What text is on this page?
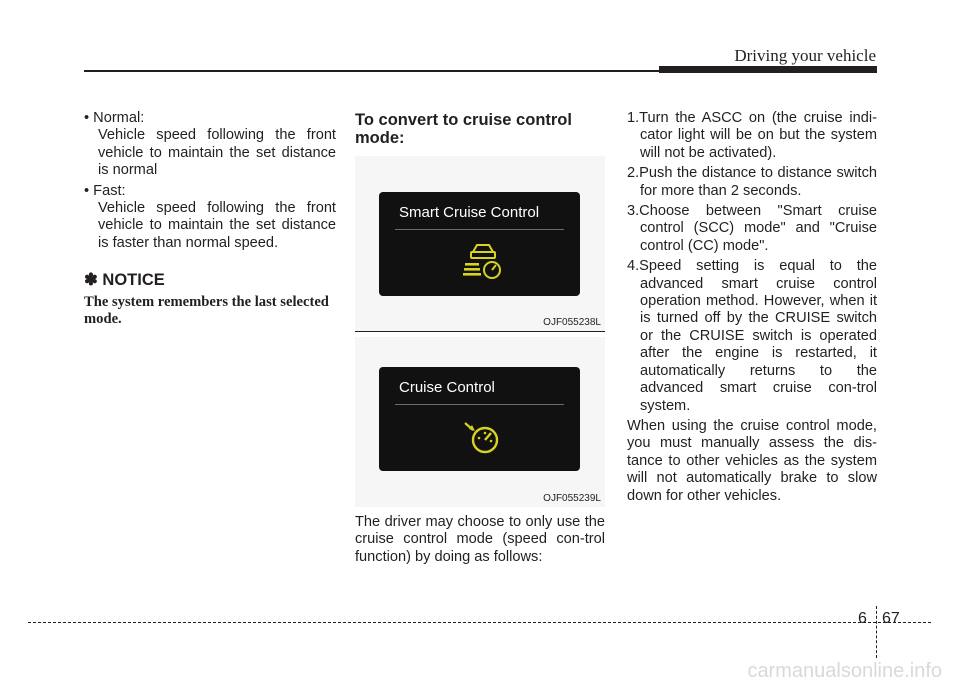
Driving your vehicle
• Normal:
Vehicle speed following the front vehicle to maintain the set distance is normal
• Fast:
Vehicle speed following the front vehicle to maintain the set distance is faster than normal speed.
✽ NOTICE
The system remembers the last selected mode.
To convert to cruise control mode:
Smart Cruise Control
OJF055238L
Cruise Control
OJF055239L
The driver may choose to only use the cruise control mode (speed con-trol function) by doing as follows:
1.Turn the ASCC on (the cruise indi-cator light will be on but the system will not be activated).
2.Push the distance to distance switch for more than 2 seconds.
3.Choose between "Smart cruise control (SCC) mode" and "Cruise control (CC) mode".
4.Speed setting is equal to the advanced smart cruise control operation method. However, when it is turned off by the CRUISE switch or the CRUISE switch is operated after the engine is restarted, it automatically returns to the advanced smart cruise con-trol system.
When using the cruise control mode, you must manually assess the dis-tance to other vehicles as the system will not automatically brake to slow down for other vehicles.
6 67
carmanualsonline.info
